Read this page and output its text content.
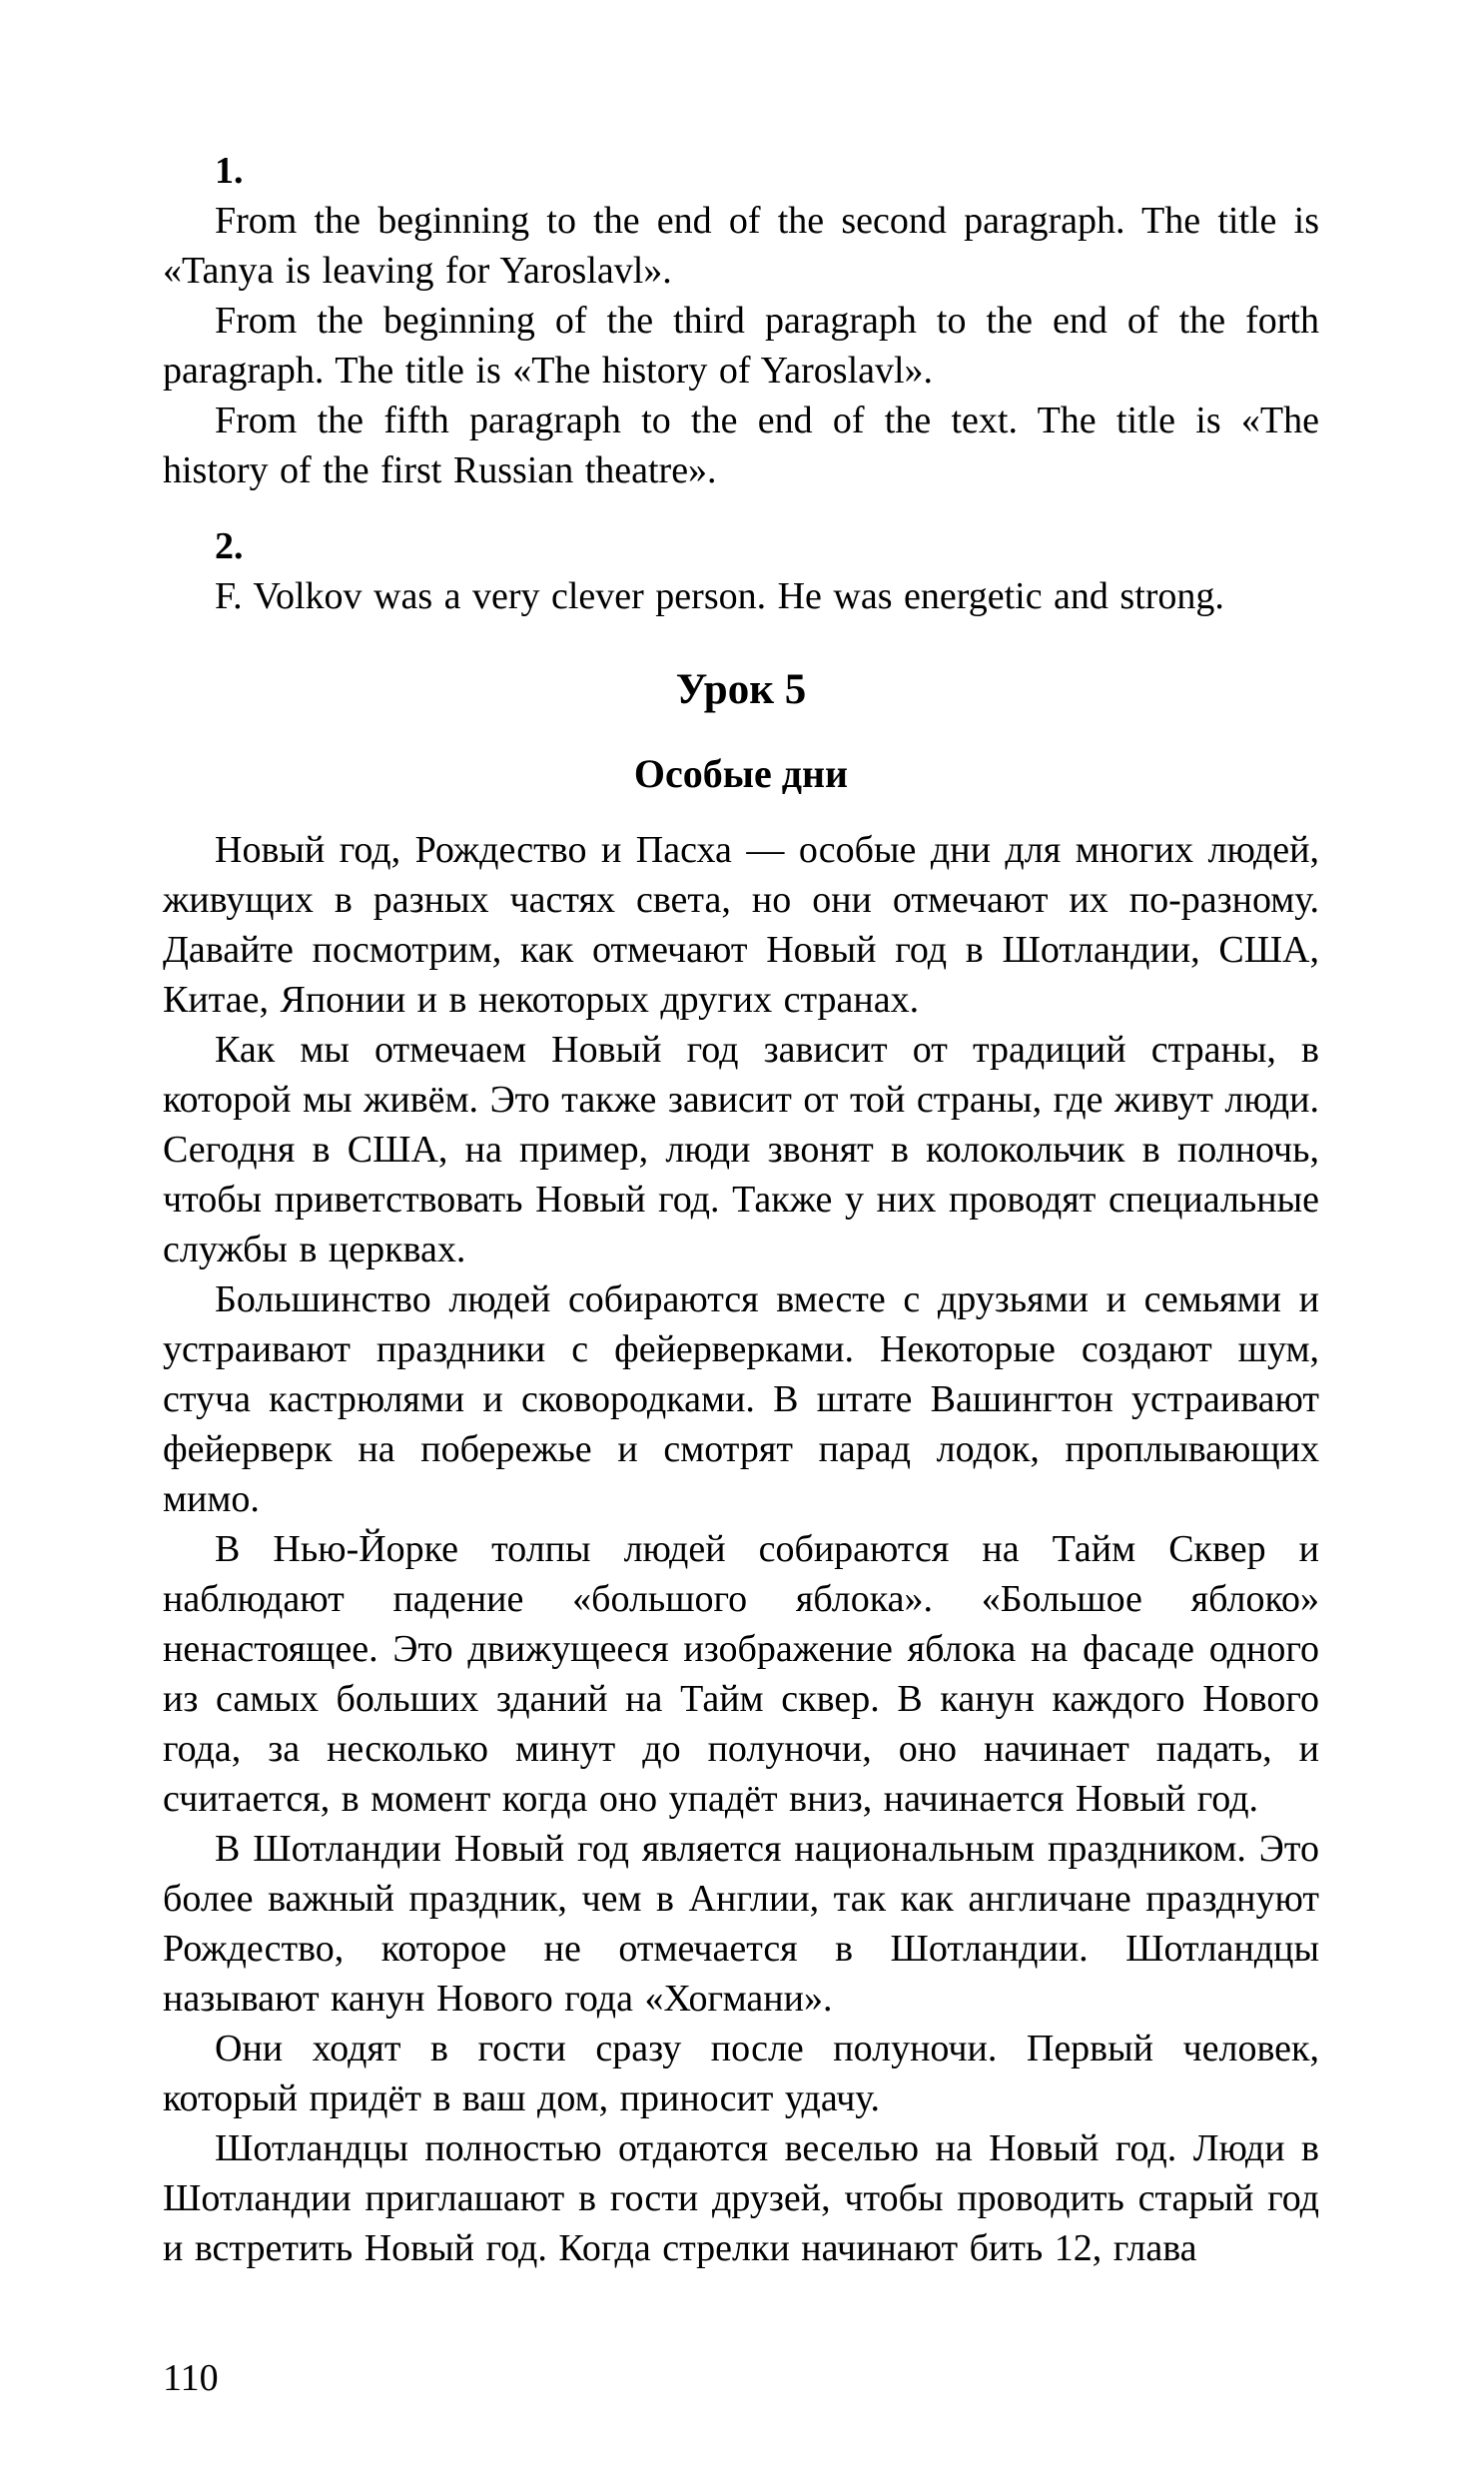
1.

From the beginning to the end of the second paragraph. The title is «Tanya is leaving for Yaroslavl».

From the beginning of the third paragraph to the end of the forth paragraph. The title is «The history of Yaroslavl».

From the fifth paragraph to the end of the text. The title is «The history of the first Russian theatre».

2.

F. Volkov was a very clever person. He was energetic and strong.

Урок 5
Особые дни

Новый год, Рождество и Пасха — особые дни для многих людей, живущих в разных частях света, но они отмечают их по-разному. Давайте посмотрим, как отмечают Новый год в Шотландии, США, Китае, Японии и в некоторых других странах.

Как мы отмечаем Новый год зависит от традиций страны, в которой мы живём. Это также зависит от той страны, где живут люди. Сегодня в США, на пример, люди звонят в колокольчик в полночь, чтобы приветствовать Новый год. Также у них проводят специальные службы в церквах.

Большинство людей собираются вместе с друзьями и семьями и устраивают праздники с фейерверками. Некоторые создают шум, стуча кастрюлями и сковородками. В штате Вашингтон устраивают фейерверк на побережье и смотрят парад лодок, проплывающих мимо.

В Нью-Йорке толпы людей собираются на Тайм Сквер и наблюдают падение «большого яблока». «Большое яблоко» ненастоящее. Это движущееся изображение яблока на фасаде одного из самых больших зданий на Тайм сквер. В канун каждого Нового года, за несколько минут до полуночи, оно начинает падать, и считается, в момент когда оно упадёт вниз, начинается Новый год.

В Шотландии Новый год является национальным праздником. Это более важный праздник, чем в Англии, так как англичане празднуют Рождество, которое не отмечается в Шотландии. Шотландцы называют канун Нового года «Хогмани».

Они ходят в гости сразу после полуночи. Первый человек, который придёт в ваш дом, приносит удачу.

Шотландцы полностью отдаются веселью на Новый год. Люди в Шотландии приглашают в гости друзей, чтобы проводить старый год и встретить Новый год. Когда стрелки начинают бить 12, глава

110
